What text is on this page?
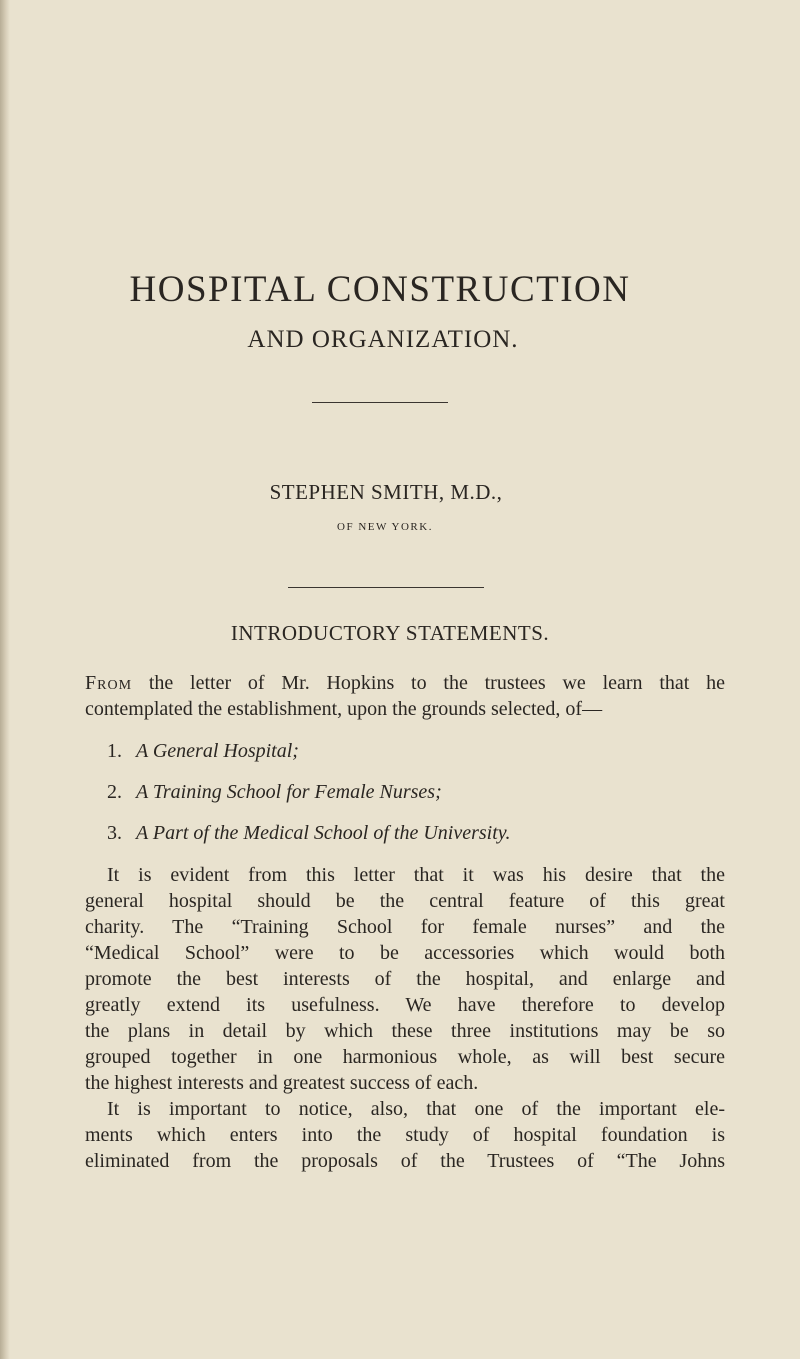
HOSPITAL CONSTRUCTION
AND ORGANIZATION.
STEPHEN SMITH, M.D.,
OF NEW YORK.
INTRODUCTORY STATEMENTS.
From the letter of Mr. Hopkins to the trustees we learn that he
contemplated the establishment, upon the grounds selected, of—
1. A General Hospital;
2. A Training School for Female Nurses;
3. A Part of the Medical School of the University.
It is evident from this letter that it was his desire that the
general hospital should be the central feature of this great
charity. The “Training School for female nurses” and the
“Medical School” were to be accessories which would both
promote the best interests of the hospital, and enlarge and
greatly extend its usefulness. We have therefore to develop
the plans in detail by which these three institutions may be so
grouped together in one harmonious whole, as will best secure
the highest interests and greatest success of each.
It is important to notice, also, that one of the important ele-
ments which enters into the study of hospital foundation is
eliminated from the proposals of the Trustees of “The Johns
